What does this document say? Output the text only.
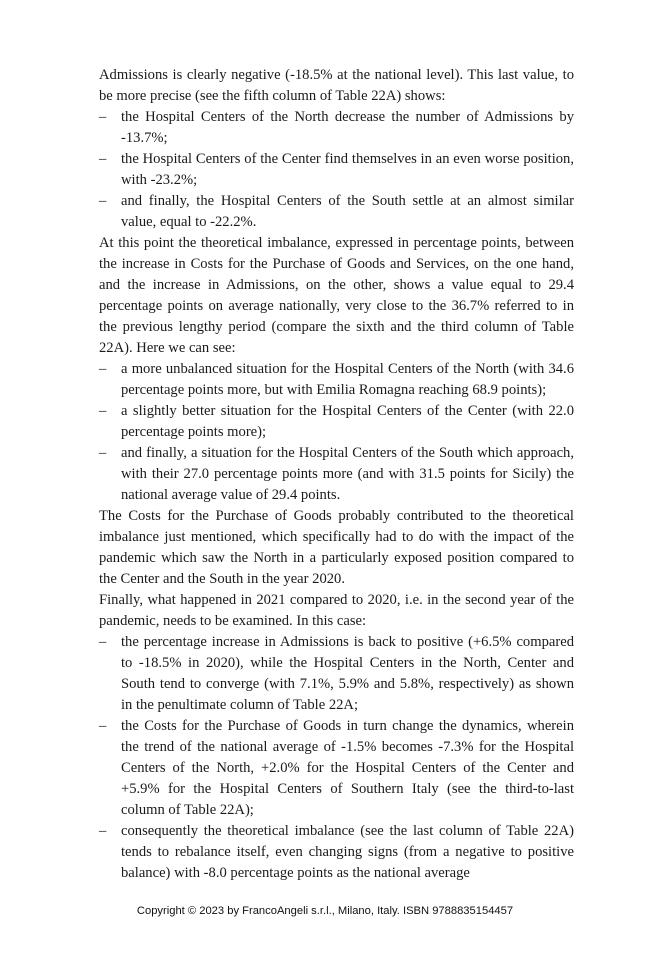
Admissions is clearly negative (-18.5% at the national level). This last value, to be more precise (see the fifth column of Table 22A) shows:

– the Hospital Centers of the North decrease the number of Admissions by -13.7%;
– the Hospital Centers of the Center find themselves in an even worse position, with -23.2%;
– and finally, the Hospital Centers of the South settle at an almost similar value, equal to -22.2%.

At this point the theoretical imbalance, expressed in percentage points, between the increase in Costs for the Purchase of Goods and Services, on the one hand, and the increase in Admissions, on the other, shows a value equal to 29.4 percentage points on average nationally, very close to the 36.7% referred to in the previous lengthy period (compare the sixth and the third column of Table 22A). Here we can see:

– a more unbalanced situation for the Hospital Centers of the North (with 34.6 percentage points more, but with Emilia Romagna reaching 68.9 points);
– a slightly better situation for the Hospital Centers of the Center (with 22.0 percentage points more);
– and finally, a situation for the Hospital Centers of the South which approach, with their 27.0 percentage points more (and with 31.5 points for Sicily) the national average value of 29.4 points.

The Costs for the Purchase of Goods probably contributed to the theoretical imbalance just mentioned, which specifically had to do with the impact of the pandemic which saw the North in a particularly exposed position compared to the Center and the South in the year 2020.

Finally, what happened in 2021 compared to 2020, i.e. in the second year of the pandemic, needs to be examined. In this case:

– the percentage increase in Admissions is back to positive (+6.5% compared to -18.5% in 2020), while the Hospital Centers in the North, Center and South tend to converge (with 7.1%, 5.9% and 5.8%, respectively) as shown in the penultimate column of Table 22A;
– the Costs for the Purchase of Goods in turn change the dynamics, wherein the trend of the national average of -1.5% becomes -7.3% for the Hospital Centers of the North, +2.0% for the Hospital Centers of the Center and +5.9% for the Hospital Centers of Southern Italy (see the third-to-last column of Table 22A);
– consequently the theoretical imbalance (see the last column of Table 22A) tends to rebalance itself, even changing signs (from a negative to positive balance) with -8.0 percentage points as the national average
Copyright © 2023 by FrancoAngeli s.r.l., Milano, Italy. ISBN 9788835154457
